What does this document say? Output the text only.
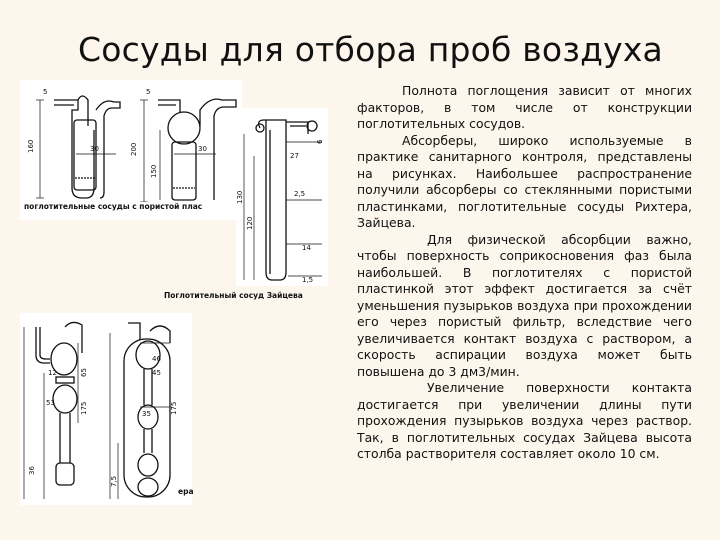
Сосуды для отбора проб воздуха
5
160	30
5
200
150
30
поглотительные сосуды с пористой плас
6
27
130
120
2,5
14
1,5
Поглотительный сосуд Зайцева
12	65
53	175
36
46
45
35	175
7,5
ера

Полнота поглощения зависит от многих факторов, в том числе от конструкции поглотительных сосудов.

Абсорберы, широко используемые в практике санитарного контроля, представлены на рисунках. Наибольшее распространение получили абсорберы со стеклянными пористыми пластинками, поглотительные сосуды Рихтера, Зайцева.

Для физической абсорбции важно, чтобы поверхность соприкосновения фаз была наибольшей. В поглотителях с пористой пластинкой этот эффект достигается за счёт уменьшения пузырьков воздуха при прохождении его через пористый фильтр, вследствие чего увеличивается контакт воздуха с раствором, а скорость аспирации воздуха может быть повышена до 3 дм3/мин.

Увеличение поверхности контакта достигается при увеличении длины пути прохождения пузырьков воздуха через раствор. Так, в поглотительных сосудах Зайцева высота столба растворителя составляет около 10 см.
